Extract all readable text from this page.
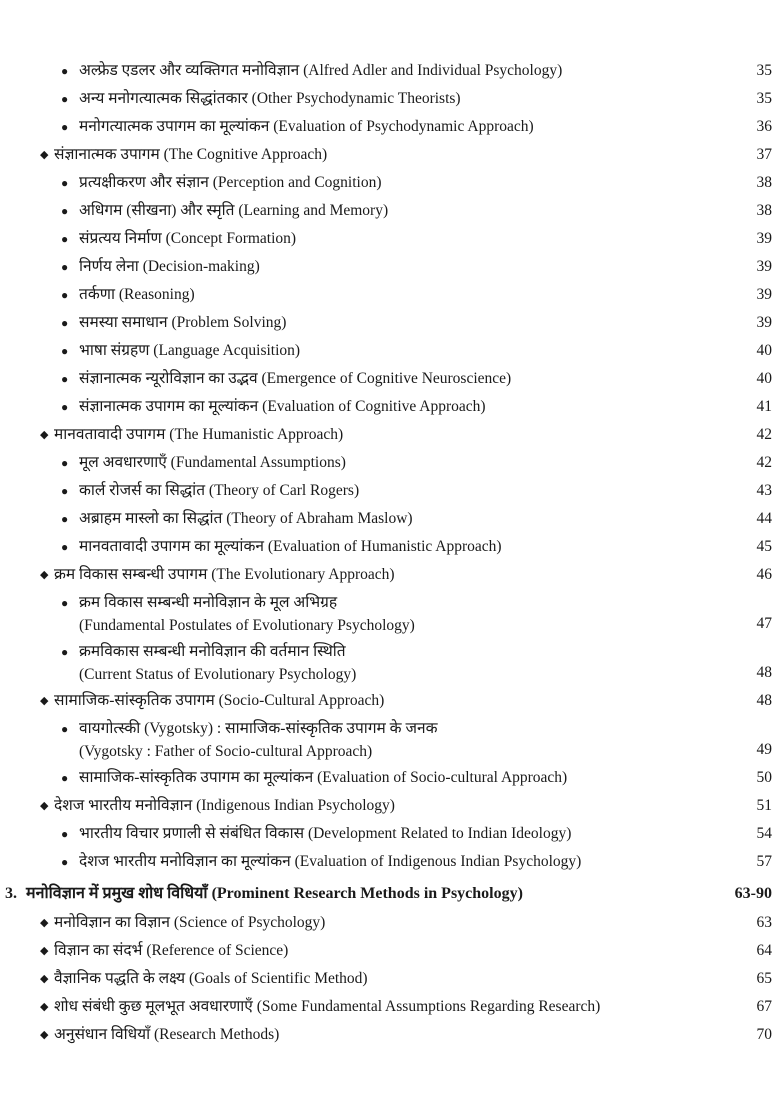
● अल्फ्रेड एडलर और व्यक्तिगत मनोविज्ञान (Alfred Adler and Individual Psychology)	35
● अन्य मनोगत्यात्मक सिद्धांतकार (Other Psychodynamic Theorists)	35
● मनोगत्यात्मक उपागम का मूल्यांकन (Evaluation of Psychodynamic Approach)	36
◆ संज्ञानात्मक उपागम (The Cognitive Approach)	37
● प्रत्यक्षीकरण और संज्ञान (Perception and Cognition)	38
● अधिगम (सीखना) और स्मृति (Learning and Memory)	38
● संप्रत्यय निर्माण (Concept Formation)	39
● निर्णय लेना (Decision-making)	39
● तर्कणा (Reasoning)	39
● समस्या समाधान (Problem Solving)	39
● भाषा संग्रहण (Language Acquisition)	40
● संज्ञानात्मक न्यूरोविज्ञान का उद्भव (Emergence of Cognitive Neuroscience)	40
● संज्ञानात्मक उपागम का मूल्यांकन (Evaluation of Cognitive Approach)	41
◆ मानवतावादी उपागम (The Humanistic Approach)	42
● मूल अवधारणाएँ (Fundamental Assumptions)	42
● कार्ल रोजर्स का सिद्धांत (Theory of Carl Rogers)	43
● अब्राहम मास्लो का सिद्धांत (Theory of Abraham Maslow)	44
● मानवतावादी उपागम का मूल्यांकन (Evaluation of Humanistic Approach)	45
◆ क्रम विकास सम्बन्धी उपागम (The Evolutionary Approach)	46
● क्रम विकास सम्बन्धी मनोविज्ञान के मूल अभिग्रह
(Fundamental Postulates of Evolutionary Psychology)	47
● क्रमविकास सम्बन्धी मनोविज्ञान की वर्तमान स्थिति
(Current Status of Evolutionary Psychology)	48
◆ सामाजिक-सांस्कृतिक उपागम (Socio-Cultural Approach)	48
● वायगोत्स्की (Vygotsky) : सामाजिक-सांस्कृतिक उपागम के जनक
(Vygotsky : Father of Socio-cultural Approach)	49
● सामाजिक-सांस्कृतिक उपागम का मूल्यांकन (Evaluation of Socio-cultural Approach)	50
◆ देशज भारतीय मनोविज्ञान (Indigenous Indian Psychology)	51
● भारतीय विचार प्रणाली से संबंधित विकास (Development Related to Indian Ideology)	54
● देशज भारतीय मनोविज्ञान का मूल्यांकन (Evaluation of Indigenous Indian Psychology)	57
3. मनोविज्ञान में प्रमुख शोध विधियाँ (Prominent Research Methods in Psychology)	63-90
◆ मनोविज्ञान का विज्ञान (Science of Psychology)	63
◆ विज्ञान का संदर्भ (Reference of Science)	64
◆ वैज्ञानिक पद्धति के लक्ष्य (Goals of Scientific Method)	65
◆ शोध संबंधी कुछ मूलभूत अवधारणाएँ (Some Fundamental Assumptions Regarding Research)	67
◆ अनुसंधान विधियाँ (Research Methods)	70
